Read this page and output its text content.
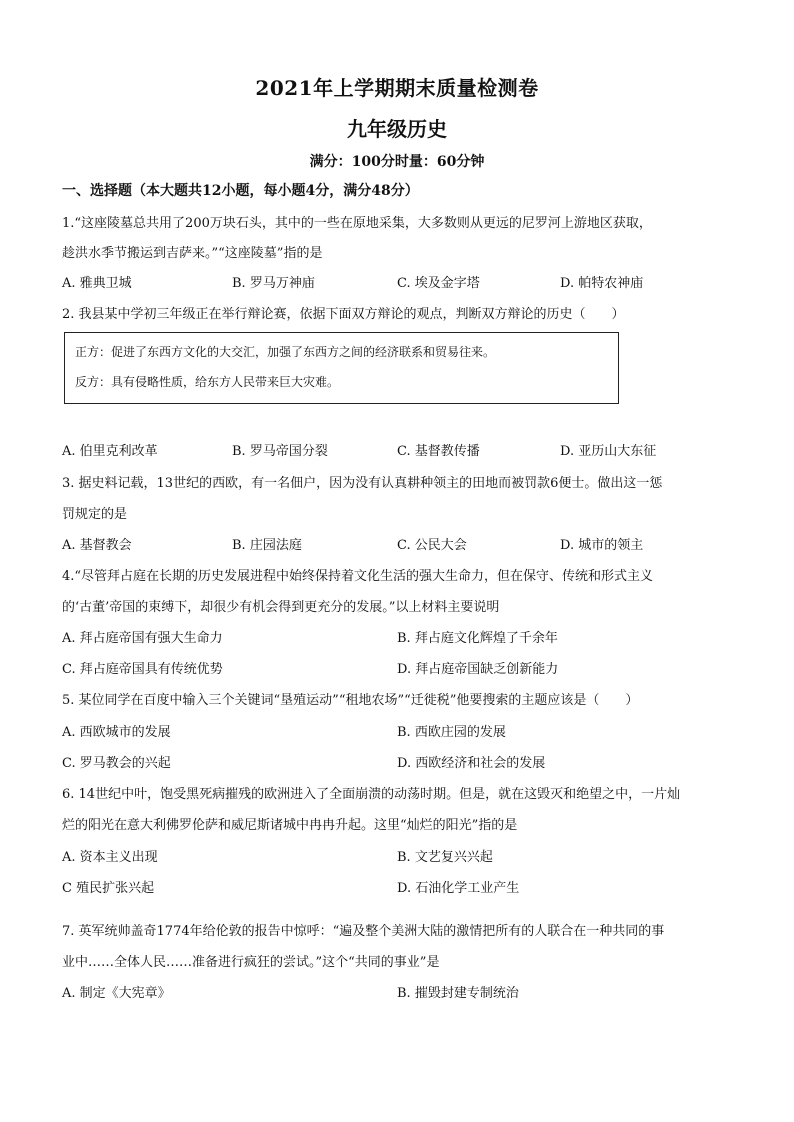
2021年上学期期末质量检测卷
九年级历史
满分：100分时量：60分钟
一、选择题（本大题共12小题，每小题4分，满分48分）
1.“这座陵墓总共用了200万块石头，其中的一些在原地采集，大多数则从更远的尼罗河上游地区获取，
趁洪水季节搬运到吉萨来。”“这座陵墓”指的是
A. 雅典卫城	B. 罗马万神庙	C. 埃及金字塔	D. 帕特农神庙
2. 我县某中学初三年级正在举行辩论赛，依据下面双方辩论的观点，判断双方辩论的历史（　　）
正方：促进了东西方文化的大交汇，加强了东西方之间的经济联系和贸易往来。
反方：具有侵略性质，给东方人民带来巨大灾难。
A. 伯里克利改革	B. 罗马帝国分裂	C. 基督教传播	D. 亚历山大东征
3. 据史料记载，13世纪的西欧，有一名佃户，因为没有认真耕种领主的田地而被罚款6便士。做出这一惩
罚规定的是
A. 基督教会	B. 庄园法庭	C. 公民大会	D. 城市的领主
4.“尽管拜占庭在长期的历史发展进程中始终保持着文化生活的强大生命力，但在保守、传统和形式主义
的‘古董’帝国的束缚下，却很少有机会得到更充分的发展。”以上材料主要说明
A. 拜占庭帝国有强大生命力	B. 拜占庭文化辉煌了千余年
C. 拜占庭帝国具有传统优势	D. 拜占庭帝国缺乏创新能力
5. 某位同学在百度中输入三个关键词“垦殖运动”“租地农场”“迁徙税”他要搜索的主题应该是（　　）
A. 西欧城市的发展	B. 西欧庄园的发展
C. 罗马教会的兴起	D. 西欧经济和社会的发展
6. 14世纪中叶，饱受黑死病摧残的欧洲进入了全面崩溃的动荡时期。但是，就在这毁灭和绝望之中，一片灿
烂的阳光在意大利佛罗伦萨和威尼斯诸城中冉冉升起。这里“灿烂的阳光”指的是
A. 资本主义出现	B. 文艺复兴兴起
C 殖民扩张兴起	D. 石油化学工业产生
7. 英军统帅盖奇1774年给伦敦的报告中惊呼：“遍及整个美洲大陆的激情把所有的人联合在一种共同的事
业中……全体人民……准备进行疯狂的尝试。”这个“共同的事业”是
A. 制定《大宪章》	B. 摧毁封建专制统治
